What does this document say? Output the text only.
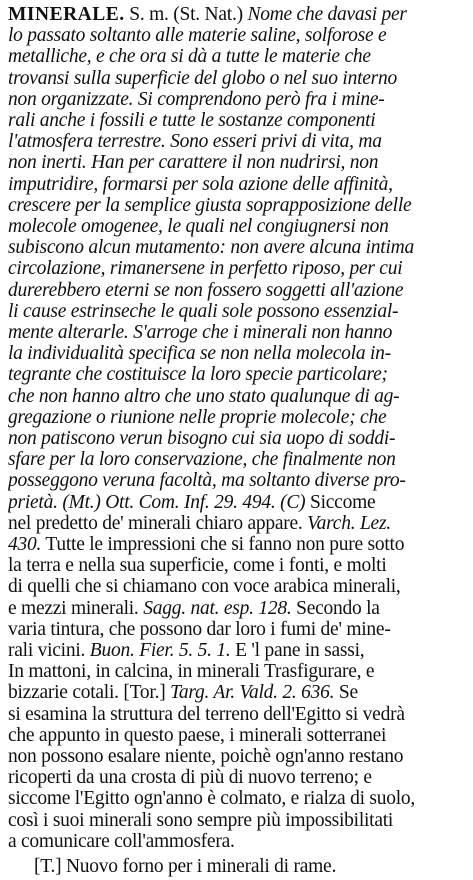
MINERALE. S. m. (St. Nat.) Nome che davasi per
lo passato soltanto alle materie saline, solforose e
metalliche, e che ora si dà a tutte le materie che
trovansi sulla superficie del globo o nel suo interno
non organizzate. Si comprendono però fra i mine-
rali anche i fossili e tutte le sostanze componenti
l'atmosfera terrestre. Sono esseri privi di vita, ma
non inerti. Han per carattere il non nudrirsi, non
imputridire, formarsi per sola azione delle affinità,
crescere per la semplice giusta soprapposizione delle
molecole omogenee, le quali nel congiugnersi non
subiscono alcun mutamento: non avere alcuna intima
circolazione, rimanersene in perfetto riposo, per cui
durerebbero eterni se non fossero soggetti all'azione
li cause estrinseche le quali sole possono essenzial-
mente alterarle. S'arroge che i minerali non hanno
la individualità specifica se non nella molecola in-
tegrante che costituisce la loro specie particolare;
che non hanno altro che uno stato qualunque di ag-
gregazione o riunione nelle proprie molecole; che
non patiscono verun bisogno cui sia uopo di soddi-
sfare per la loro conservazione, che finalmente non
posseggono veruna facoltà, ma soltanto diverse pro-
prietà. (Mt.) Ott. Com. Inf. 29. 494. (C) Siccome
nel predetto de' minerali chiaro appare. Varch. Lez.
430. Tutte le impressioni che si fanno non pure sotto
la terra e nella sua superficie, come i fonti, e molti
di quelli che si chiamano con voce arabica minerali,
e mezzi minerali. Sagg. nat. esp. 128. Secondo la
varia tintura, che possono dar loro i fumi de' mine-
rali vicini. Buon. Fier. 5. 5. 1. E 'l pane in sassi,
In mattoni, in calcina, in minerali Trasfigurare, e
bizzarie cotali. [Tor.] Targ. Ar. Vald. 2. 636. Se
si esamina la struttura del terreno dell'Egitto si vedrà
che appunto in questo paese, i minerali sotterranei
non possono esalare niente, poichè ogn'anno restano
ricoperti da una crosta di più di nuovo terreno; e
siccome l'Egitto ogn'anno è colmato, e rialza di suolo,
così i suoi minerali sono sempre più impossibilitati
a comunicare coll'ammosfera.
[T.] Nuovo forno per i minerali di rame.
